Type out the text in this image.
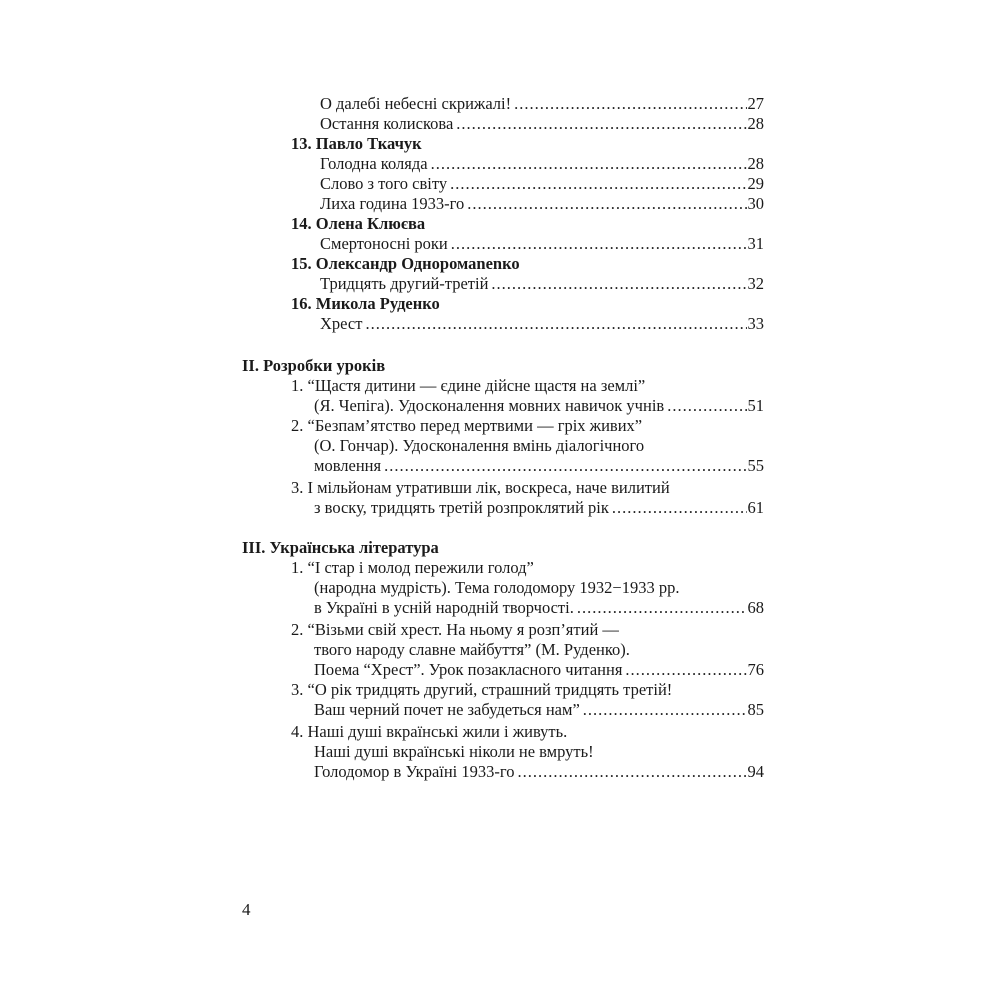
О далебі небесні скрижалі! .....	27
Остання колискова .....	28
13. Павло Ткачук
Голодна коляда .....	28
Слово з того світу .....	29
Лиха година 1933-го .....	30
14. Олена Клюєва
Смертоносні роки .....	31
15. Олександр Одноромаnenко
Тридцять другий-третій .....	32
16. Микола Руденко
Хрест .....	33
II. Розробки уроків
1. “Щастя дитини — єдине дійсне щастя на землі”
(Я. Чепіга). Удосконалення мовних навичок учнів .....	51
2. “Безпам’ятство перед мертвими — гріх живих”
(О. Гончар). Удосконалення вмінь діалогічного
мовлення .....	55
3. І мільйонам утративши лік, воскреса, наче вилитий
з воску, тридцять третій розпроклятий рік .....	61
III. Українська література
1. “І стар і молод пережили голод”
(народна мудрість). Тема голодомору 1932−1933 рр.
в Україні в усній народній творчості. .....	68
2. “Візьми свій хрест. На ньому я розп’ятий —
твого народу славне майбуття” (М. Руденко).
Поема “Хрест”. Урок позакласного читання .....	76
3. “О рік тридцять другий, страшний тридцять третій!
Ваш черний почет не забудеться нам” .....	85
4. Наші душі вкраїнські жили і живуть.
Наші душі вкраїнські ніколи не вмруть!
Голодомор в Україні 1933-го .....	94
4
